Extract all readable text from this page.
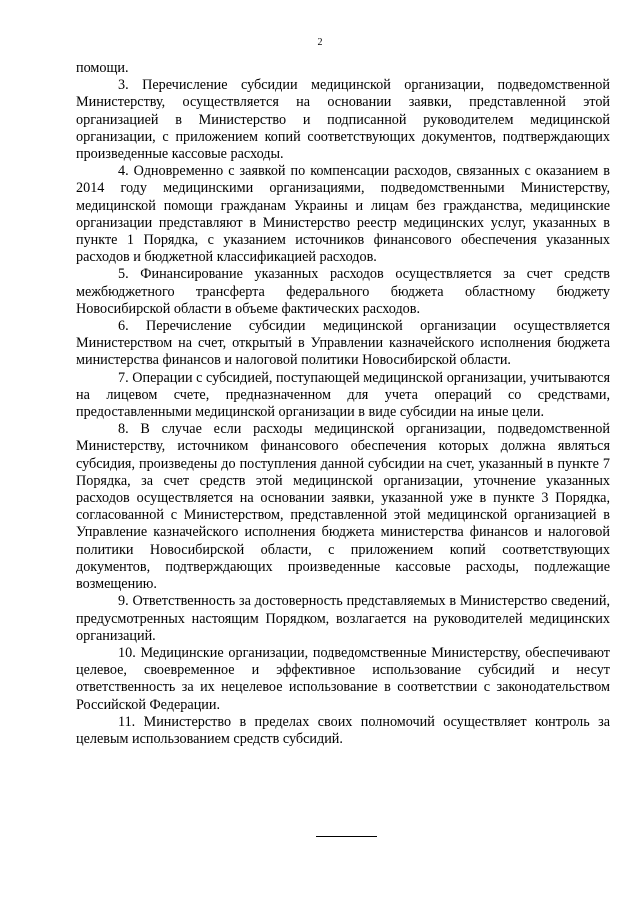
2

помощи.

3. Перечисление субсидии медицинской организации, подведомственной Министерству, осуществляется на основании заявки, представленной этой организацией в Министерство и подписанной руководителем медицинской организации, с приложением копий соответствующих документов, подтверждающих произведенные кассовые расходы.

4. Одновременно с заявкой по компенсации расходов, связанных с оказанием в 2014 году медицинскими организациями, подведомственными Министерству, медицинской помощи гражданам Украины и лицам без гражданства, медицинские организации представляют в Министерство реестр медицинских услуг, указанных в пункте 1 Порядка, с указанием источников финансового обеспечения указанных расходов и бюджетной классификацией расходов.

5. Финансирование указанных расходов осуществляется за счет средств межбюджетного трансферта федерального бюджета областному бюджету Новосибирской области в объеме фактических расходов.

6. Перечисление субсидии медицинской организации осуществляется Министерством на счет, открытый в Управлении казначейского исполнения бюджета министерства финансов и налоговой политики Новосибирской области.

7. Операции с субсидией, поступающей медицинской организации, учитываются на лицевом счете, предназначенном для учета операций со средствами, предоставленными медицинской организации в виде субсидии на иные цели.

8. В случае если расходы медицинской организации, подведомственной Министерству, источником финансового обеспечения которых должна являться субсидия, произведены до поступления данной субсидии на счет, указанный в пункте 7 Порядка, за счет средств этой медицинской организации, уточнение указанных расходов осуществляется на основании заявки, указанной уже в пункте 3 Порядка, согласованной с Министерством, представленной этой медицинской организацией в Управление казначейского исполнения бюджета министерства финансов и налоговой политики Новосибирской области, с приложением копий соответствующих документов, подтверждающих произведенные кассовые расходы, подлежащие возмещению.

9. Ответственность за достоверность представляемых в Министерство сведений, предусмотренных настоящим Порядком, возлагается на руководителей медицинских организаций.

10. Медицинские организации, подведомственные Министерству, обеспечивают целевое, своевременное и эффективное использование субсидий и несут ответственность за их нецелевое использование в соответствии с законодательством Российской Федерации.

11. Министерство в пределах своих полномочий осуществляет контроль за целевым использованием средств субсидий.
